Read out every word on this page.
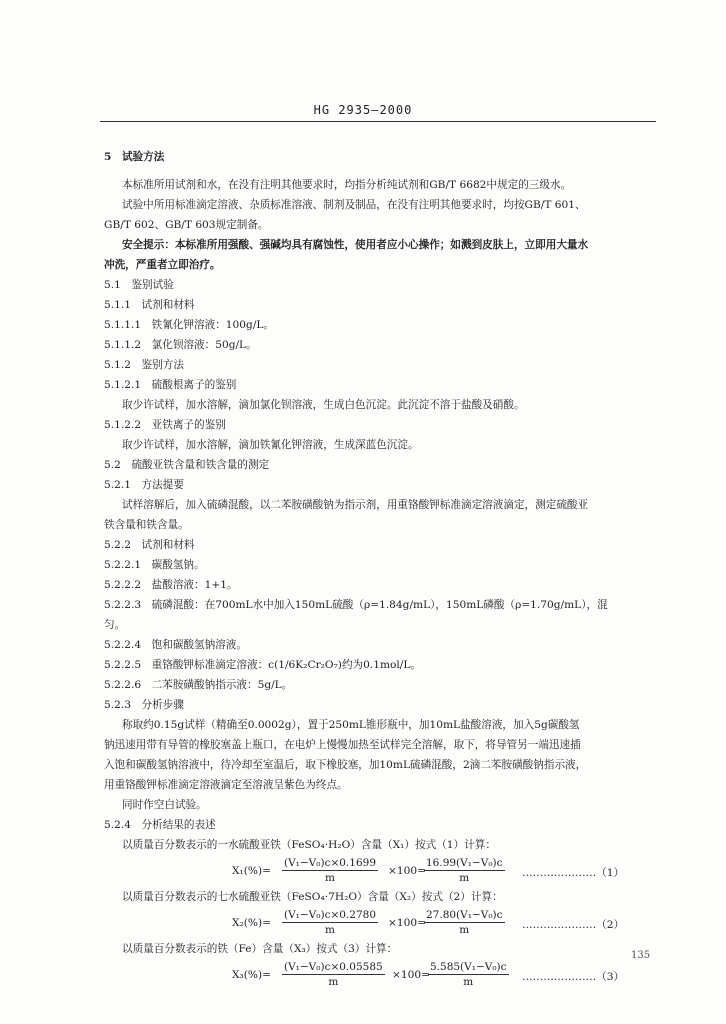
HG 2935—2000
5　试验方法
本标准所用试剂和水，在没有注明其他要求时，均指分析纯试剂和GB/T 6682中规定的三级水。
试验中所用标准滴定溶液、杂质标准溶液、制剂及制品，在没有注明其他要求时，均按GB/T 601、
GB/T 602、GB/T 603规定制备。
安全提示：本标准所用强酸、强碱均具有腐蚀性，使用者应小心操作；如溅到皮肤上，立即用大量水
冲洗，严重者立即治疗。
5.1　鉴别试验
5.1.1　试剂和材料
5.1.1.1　铁氰化钾溶液：100g/L。
5.1.1.2　氯化钡溶液：50g/L。
5.1.2　鉴别方法
5.1.2.1　硫酸根离子的鉴别
取少许试样，加水溶解，滴加氯化钡溶液，生成白色沉淀。此沉淀不溶于盐酸及硝酸。
5.1.2.2　亚铁离子的鉴别
取少许试样，加水溶解，滴加铁氰化钾溶液，生成深蓝色沉淀。
5.2　硫酸亚铁含量和铁含量的测定
5.2.1　方法提要
试样溶解后，加入硫磷混酸，以二苯胺磺酸钠为指示剂，用重铬酸钾标准滴定溶液滴定，测定硫酸亚
铁含量和铁含量。
5.2.2　试剂和材料
5.2.2.1　碳酸氢钠。
5.2.2.2　盐酸溶液：1+1。
5.2.2.3　硫磷混酸：在700mL水中加入150mL硫酸（ρ=1.84g/mL），150mL磷酸（ρ=1.70g/mL），混
匀。
5.2.2.4　饱和碳酸氢钠溶液。
5.2.2.5　重铬酸钾标准滴定溶液：c(1/6K₂Cr₂O₇)约为0.1mol/L。
5.2.2.6　二苯胺磺酸钠指示液：5g/L。
5.2.3　分析步骤
称取约0.15g试样（精确至0.0002g），置于250mL锥形瓶中，加10mL盐酸溶液，加入5g碳酸氢
钠迅速用带有导管的橡胶塞盖上瓶口，在电炉上慢慢加热至试样完全溶解，取下，将导管另一端迅速插
入饱和碳酸氢钠溶液中，待冷却至室温后，取下橡胶塞，加10mL硫磷混酸，2滴二苯胺磺酸钠指示液，
用重铬酸钾标准滴定溶液滴定至溶液呈紫色为终点。
同时作空白试验。
5.2.4　分析结果的表述
以质量百分数表示的一水硫酸亚铁（FeSO₄·H₂O）含量（X₁）按式（1）计算：
$X_1(\%)= \frac{\text{(V₁−V₀)c×0.1699}}{m} \times 100=$
$\frac{\text{16.99(V₁−V₀)c}}{m}$ …………………（1）
以质量百分数表示的七水硫酸亚铁（FeSO₄·7H₂O）含量（X₂）按式（2）计算：
$X_2(\%)= \frac{\text{(V₁−V₀)c×0.2780}}{m} \times 100=$
$\frac{\text{27.80(V₁−V₀)c}}{m}$ …………………（2）
以质量百分数表示的铁（Fe）含量（X₃）按式（3）计算：
$X_3(\%)= \frac{\text{(V₁−V₀)c×0.05585}}{m} \times 100=$
$\frac{\text{5.585(V₁−V₀)c}}{m}$ …………………（3）
135
